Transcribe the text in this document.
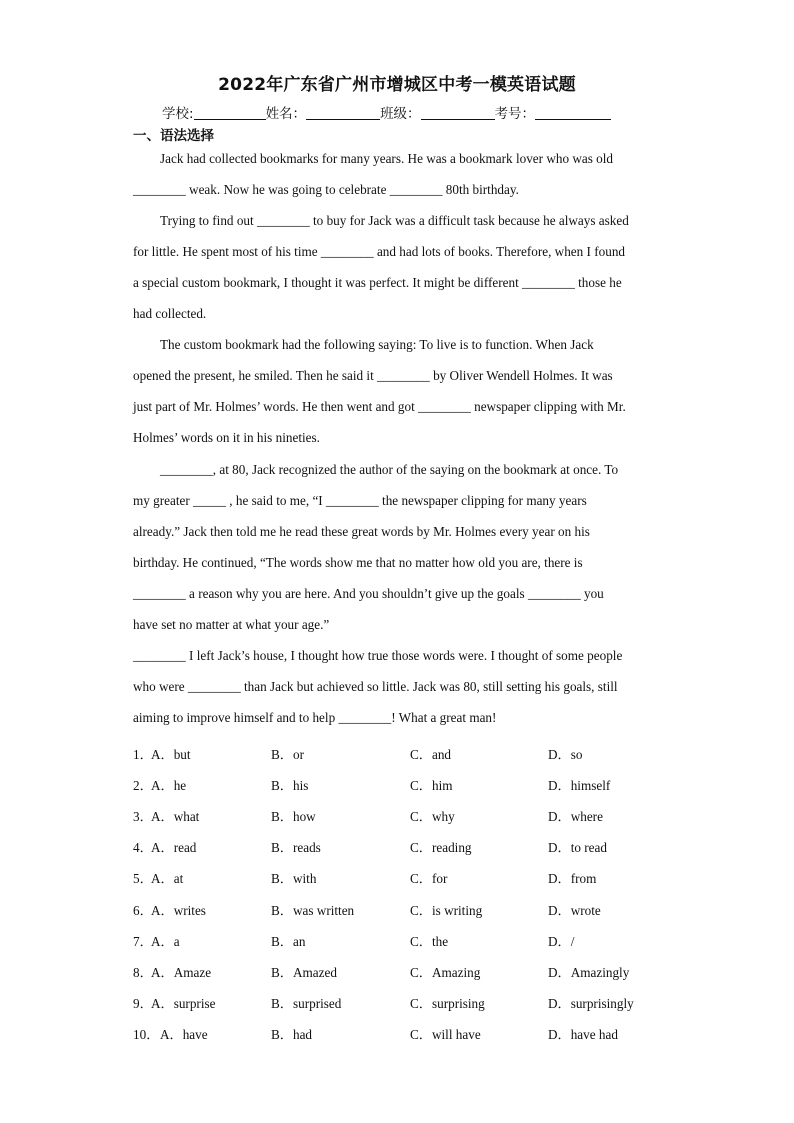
2022年广东省广州市增城区中考一模英语试题
学校:	姓名：	班级：	考号：
一、语法选择
Jack had collected bookmarks for many years. He was a bookmark lover who was old
________ weak. Now he was going to celebrate ________ 80th birthday.
Trying to find out ________ to buy for Jack was a difficult task because he always asked
for little. He spent most of his time ________ and had lots of books. Therefore, when I found
a special custom bookmark, I thought it was perfect. It might be different ________ those he
had collected.
The custom bookmark had the following saying: To live is to function. When Jack
opened the present, he smiled. Then he said it ________ by Oliver Wendell Holmes. It was
just part of Mr. Holmes’ words. He then went and got ________ newspaper clipping with Mr.
Holmes’ words on it in his nineties.
________, at 80, Jack recognized the author of the saying on the bookmark at once. To
my greater _____ , he said to me, “I ________ the newspaper clipping for many years
already.” Jack then told me he read these great words by Mr. Holmes every year on his
birthday. He continued, “The words show me that no matter how old you are, there is
________ a reason why you are here. And you shouldn’t give up the goals ________ you
have set no matter at what your age.”
________ I left Jack’s house, I thought how true those words were. I thought of some people
who were ________ than Jack but achieved so little. Jack was 80, still setting his goals, still
aiming to improve himself and to help ________! What a great man!
1．
A．but	B．or	C．and	D．so
2．
A．he	B．his	C．him	D．himself
3．
A．what	B．how	C．why	D．where
4．
A．read	B．reads	C．reading	D．to read
5．
A．at	B．with	C．for	D．from
6．
A．writes	B．was written	C．is writing	D．wrote
7．
A．a	B．an	C．the	D．/
8．
A．Amaze	B．Amazed	C．Amazing	D．Amazingly
9．
A．surprise	B．surprised	C．surprising	D．surprisingly
10． A．have	B．had	C．will have	D．have had
